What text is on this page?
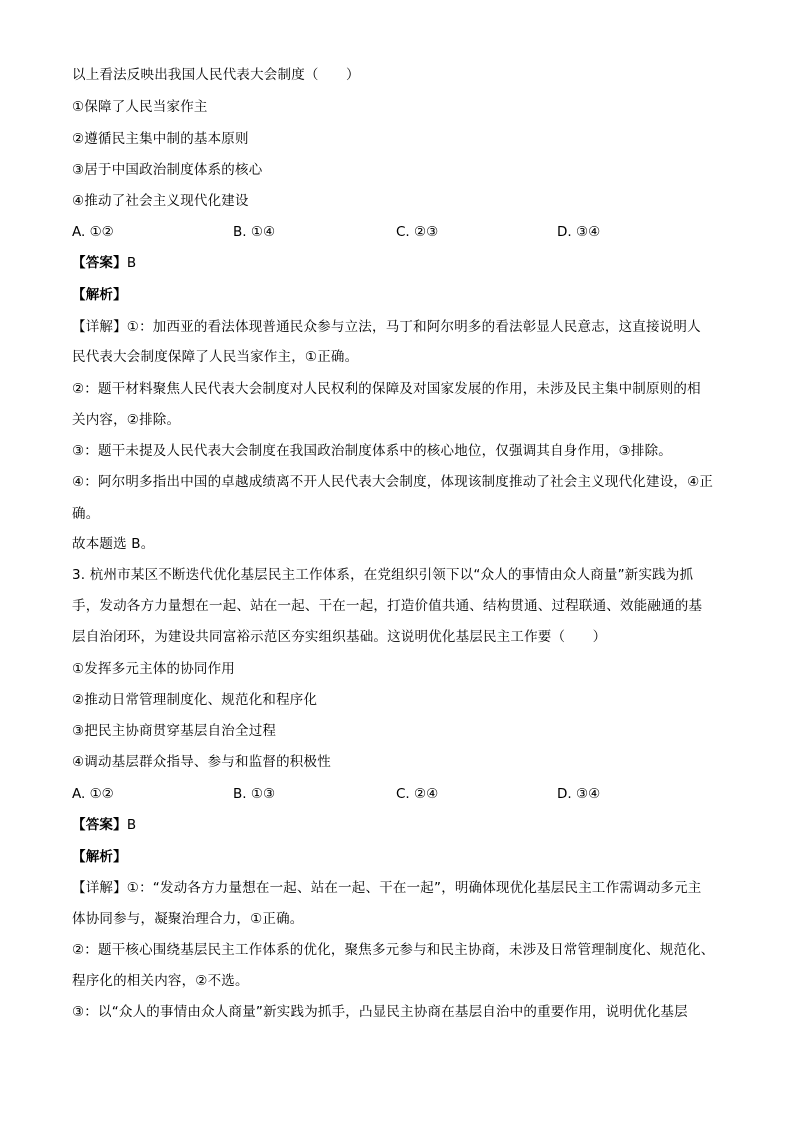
以上看法反映出我国人民代表大会制度（　　）
①保障了人民当家作主
②遵循民主集中制的基本原则
③居于中国政治制度体系的核心
④推动了社会主义现代化建设
A. ①②	B. ①④	C. ②③	D. ③④
【答案】B
【解析】
【详解】①：加西亚的看法体现普通民众参与立法，马丁和阿尔明多的看法彰显人民意志，这直接说明人
民代表大会制度保障了人民当家作主，①正确。
②：题干材料聚焦人民代表大会制度对人民权利的保障及对国家发展的作用，未涉及民主集中制原则的相
关内容，②排除。
③：题干未提及人民代表大会制度在我国政治制度体系中的核心地位，仅强调其自身作用，③排除。
④：阿尔明多指出中国的卓越成绩离不开人民代表大会制度，体现该制度推动了社会主义现代化建设，④正
确。
故本题选 B。
3. 杭州市某区不断迭代优化基层民主工作体系，在党组织引领下以“众人的事情由众人商量”新实践为抓
手，发动各方力量想在一起、站在一起、干在一起，打造价值共通、结构贯通、过程联通、效能融通的基
层自治闭环，为建设共同富裕示范区夯实组织基础。这说明优化基层民主工作要（　　）
①发挥多元主体的协同作用
②推动日常管理制度化、规范化和程序化
③把民主协商贯穿基层自治全过程
④调动基层群众指导、参与和监督的积极性
A. ①②	B. ①③	C. ②④	D. ③④
【答案】B
【解析】
【详解】①：“发动各方力量想在一起、站在一起、干在一起”，明确体现优化基层民主工作需调动多元主
体协同参与，凝聚治理合力，①正确。
②：题干核心围绕基层民主工作体系的优化，聚焦多元参与和民主协商，未涉及日常管理制度化、规范化、
程序化的相关内容，②不选。
③：以“众人的事情由众人商量”新实践为抓手，凸显民主协商在基层自治中的重要作用，说明优化基层
